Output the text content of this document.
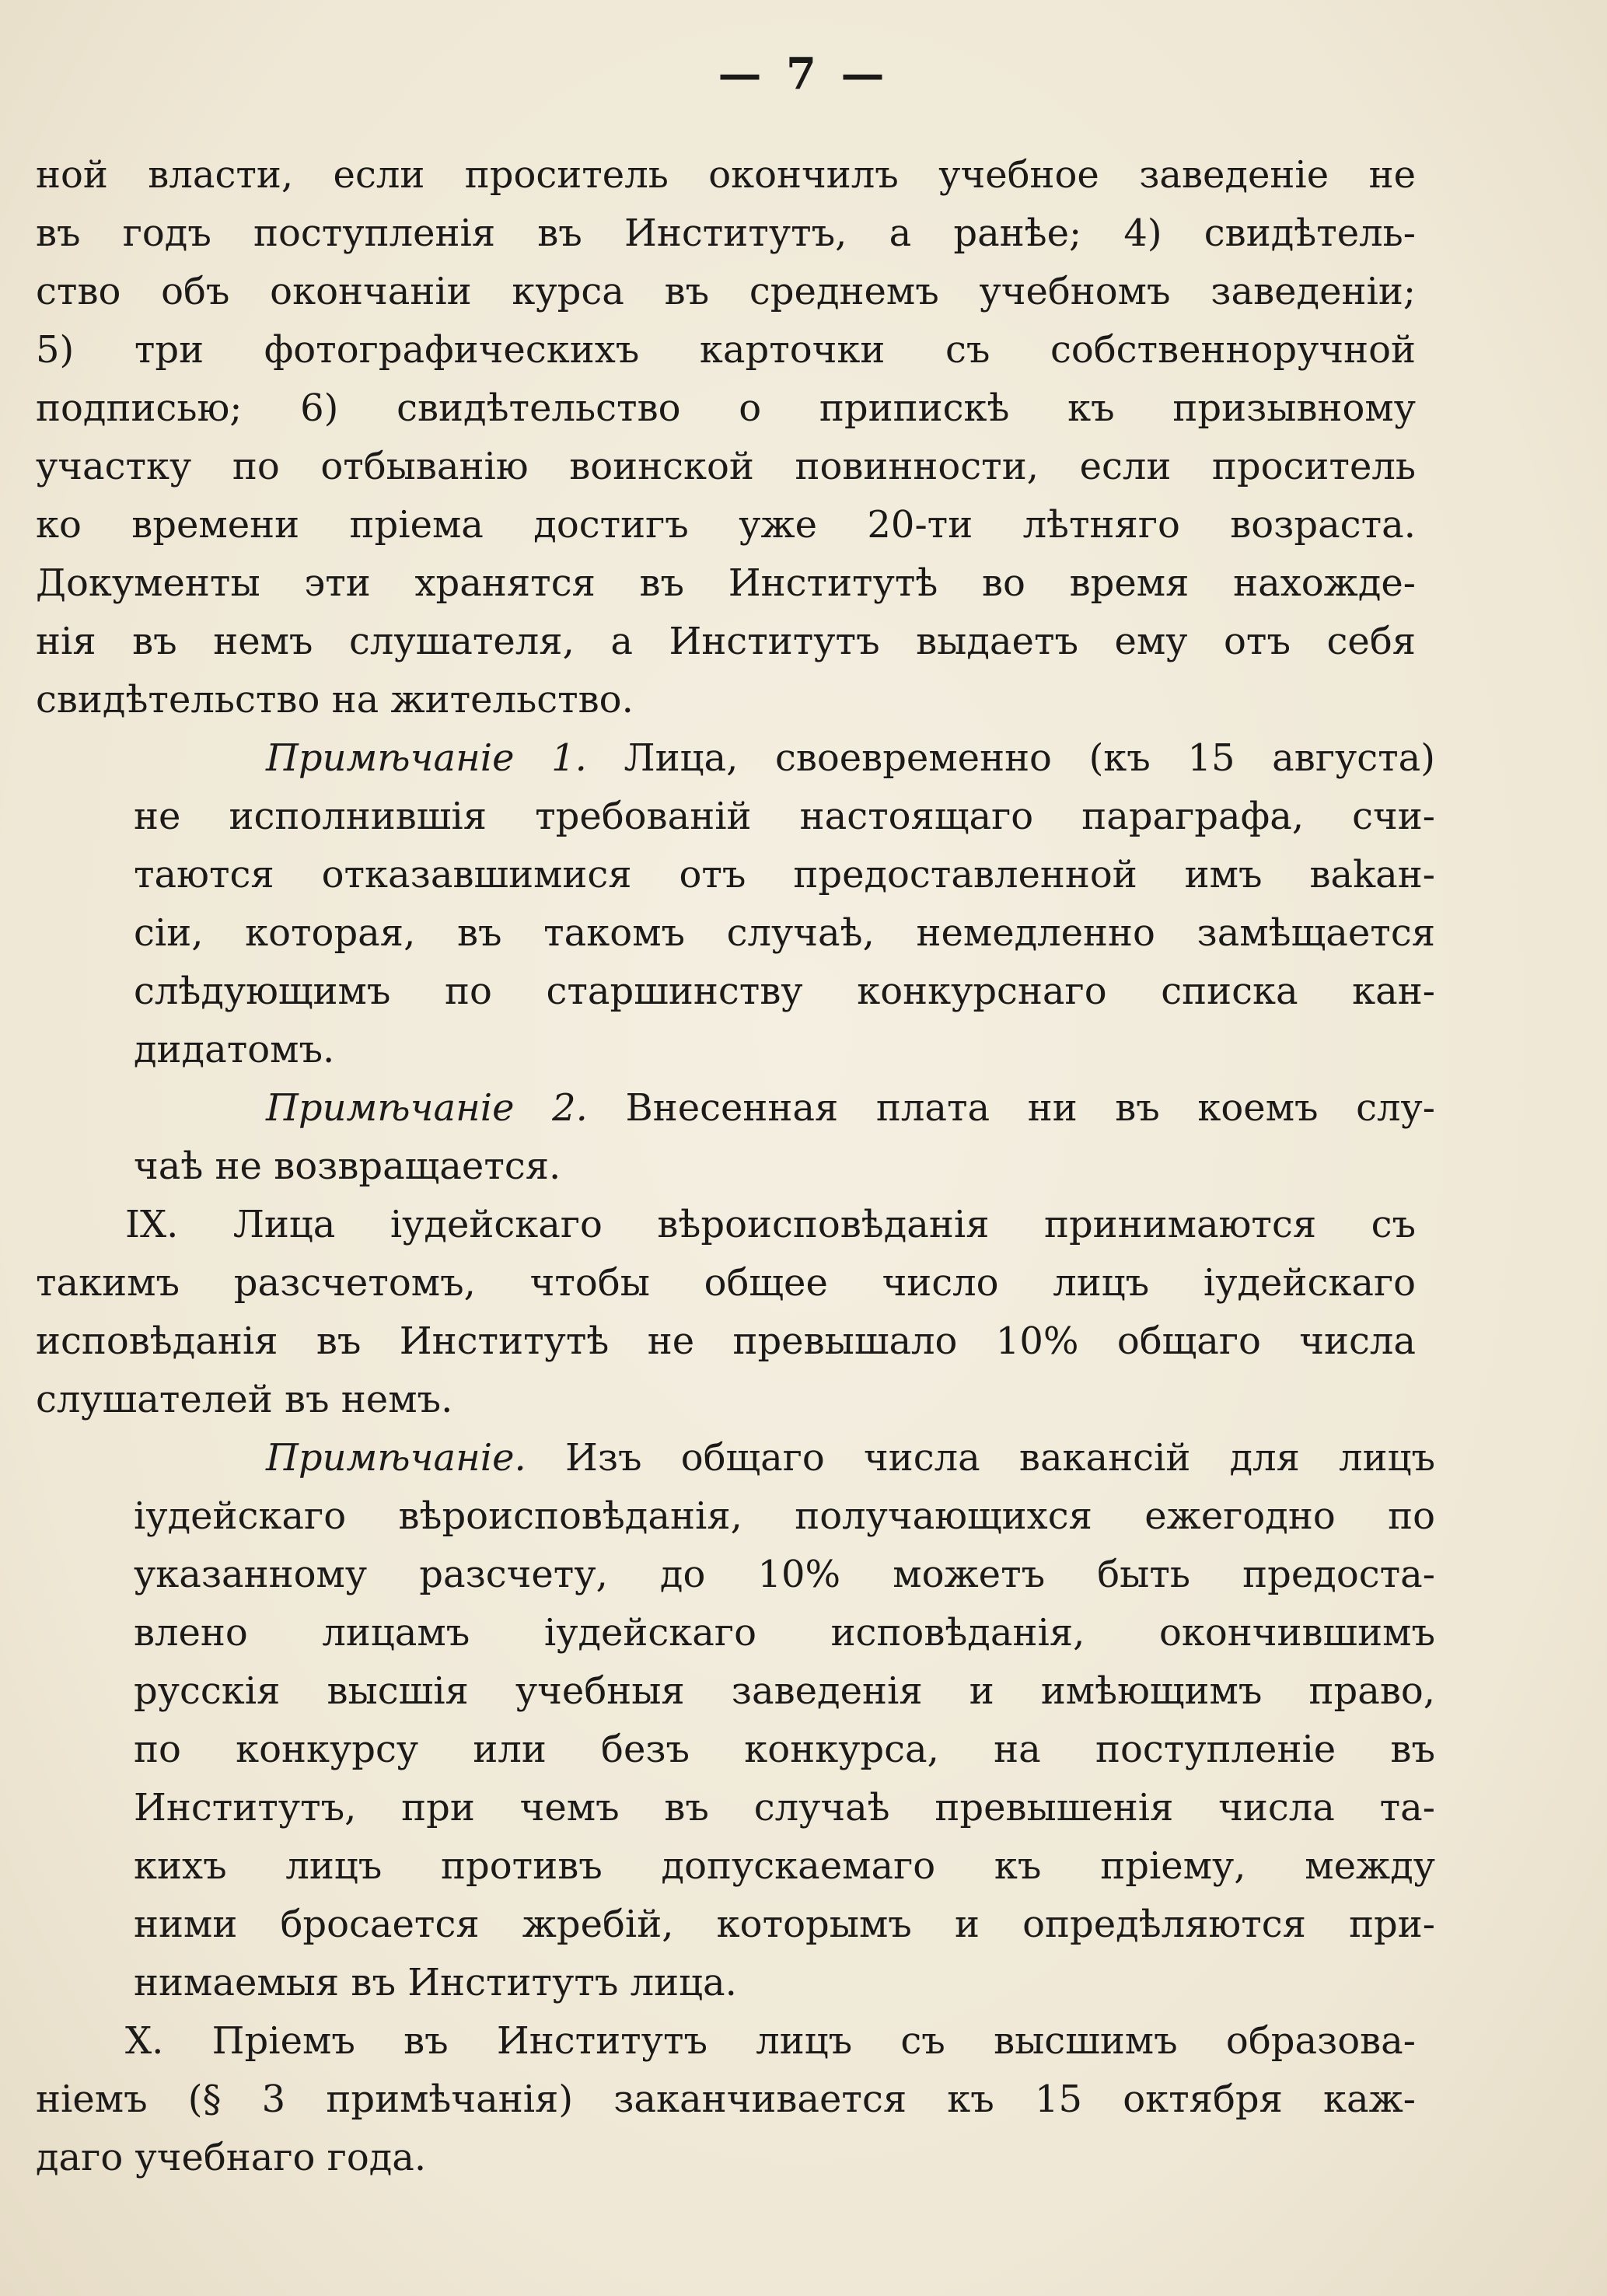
— 7 —
ной власти, если проситель окончилъ учебное заведеніе не
въ годъ поступленія въ Институтъ, а ранѣе; 4) свидѣтель-
ство объ окончаніи курса въ среднемъ учебномъ заведеніи;
5) три фотографическихъ карточки съ собственноручной
подписью; 6) свидѣтельство о припискѣ къ призывному
участку по отбыванію воинской повинности, если проситель
ко времени пріема достигъ уже 20-ти лѣтняго возраста.
Документы эти хранятся въ Институтѣ во время нахожде-
нія въ немъ слушателя, а Институтъ выдаетъ ему отъ себя
свидѣтельство на жительство.
Примѣчаніе 1. Лица, своевременно (къ 15 августа)
не исполнившія требованій настоящаго параграфа, счи-
таются отказавшимися отъ предоставленной имъ ваkан-
сіи, которая, въ такомъ случаѣ, немедленно замѣщается
слѣдующимъ по старшинству конкурснаго списка кан-
дидатомъ.
Примѣчаніе 2. Внесенная плата ни въ коемъ слу-
чаѣ не возвращается.
IX. Лица іудейскаго вѣроисповѣданія принимаются съ
такимъ разсчетомъ, чтобы общее число лицъ іудейскаго
исповѣданія въ Институтѣ не превышало 10% общаго числа
слушателей въ немъ.
Примѣчаніе. Изъ общаго числа вакансій для лицъ
іудейскаго вѣроисповѣданія, получающихся ежегодно по
указанному разсчету, до 10% можетъ быть предоста-
влено лицамъ іудейскаго исповѣданія, окончившимъ
русскія высшія учебныя заведенія и имѣющимъ право,
по конкурсу или безъ конкурса, на поступленіе въ
Институтъ, при чемъ въ случаѣ превышенія числа та-
кихъ лицъ противъ допускаемаго къ пріему, между
ними бросается жребій, которымъ и опредѣляются при-
нимаемыя въ Институтъ лица.
X. Пріемъ въ Институтъ лицъ съ высшимъ образова-
ніемъ (§ 3 примѣчанія) заканчивается къ 15 октября каж-
даго учебнаго года.
